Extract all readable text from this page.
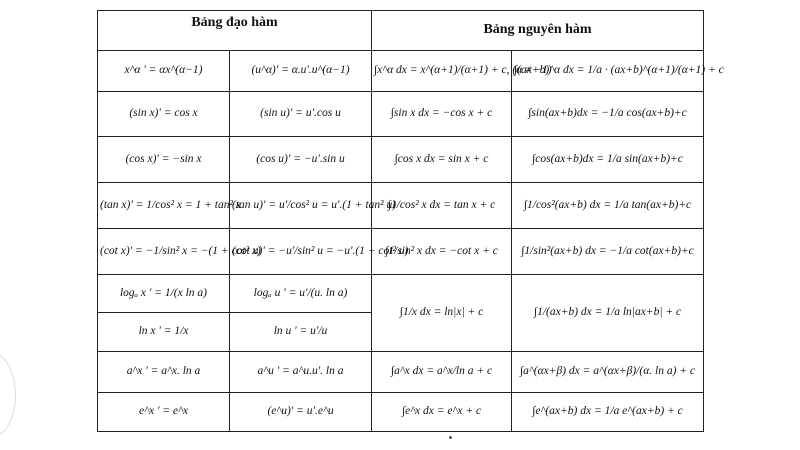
Bảng đạo hàm		Bảng nguyên hàm	
x^α ' = αx^(α−1)	(u^α)' = α.u'.u^(α−1)	∫x^α dx = x^(α+1)/(α+1) + c, (α ≠ −1)	∫(ax+b)^α dx = 1/a · (ax+b)^(α+1)/(α+1) + c
(sin x)' = cos x	(sin u)' = u'.cos u	∫sin x dx = −cos x + c	∫sin(ax+b)dx = −1/a cos(ax+b)+c
(cos x)' = −sin x	(cos u)' = −u'.sin u	∫cos x dx = sin x + c	∫cos(ax+b)dx = 1/a sin(ax+b)+c
(tan x)' = 1/cos² x = 1 + tan² x	(tan u)' = u'/cos² u = u'.(1 + tan² u)	∫1/cos² x dx = tan x + c	∫1/cos²(ax+b) dx = 1/a tan(ax+b)+c
(cot x)' = −1/sin² x = −(1 + cot² x)	(cot u)' = −u'/sin² u = −u'.(1 + cot² u)	∫1/sin² x dx = −cot x + c	∫1/sin²(ax+b) dx = −1/a cot(ax+b)+c
logₐ x ' = 1/(x ln a)	logₐ u ' = u'/(u. ln a)	∫1/x dx = ln|x| + c	∫1/(ax+b) dx = 1/a ln|ax+b| + c
ln x ' = 1/x	ln u ' = u'/u		
a^x ' = a^x. ln a	a^u ' = a^u.u'. ln a	∫a^x dx = a^x/ln a + c	∫a^(αx+β) dx = a^(αx+β)/(α. ln a) + c
e^x ' = e^x	(e^u)' = u'.e^u	∫e^x dx = e^x + c	∫e^(ax+b) dx = 1/a e^(ax+b) + c
